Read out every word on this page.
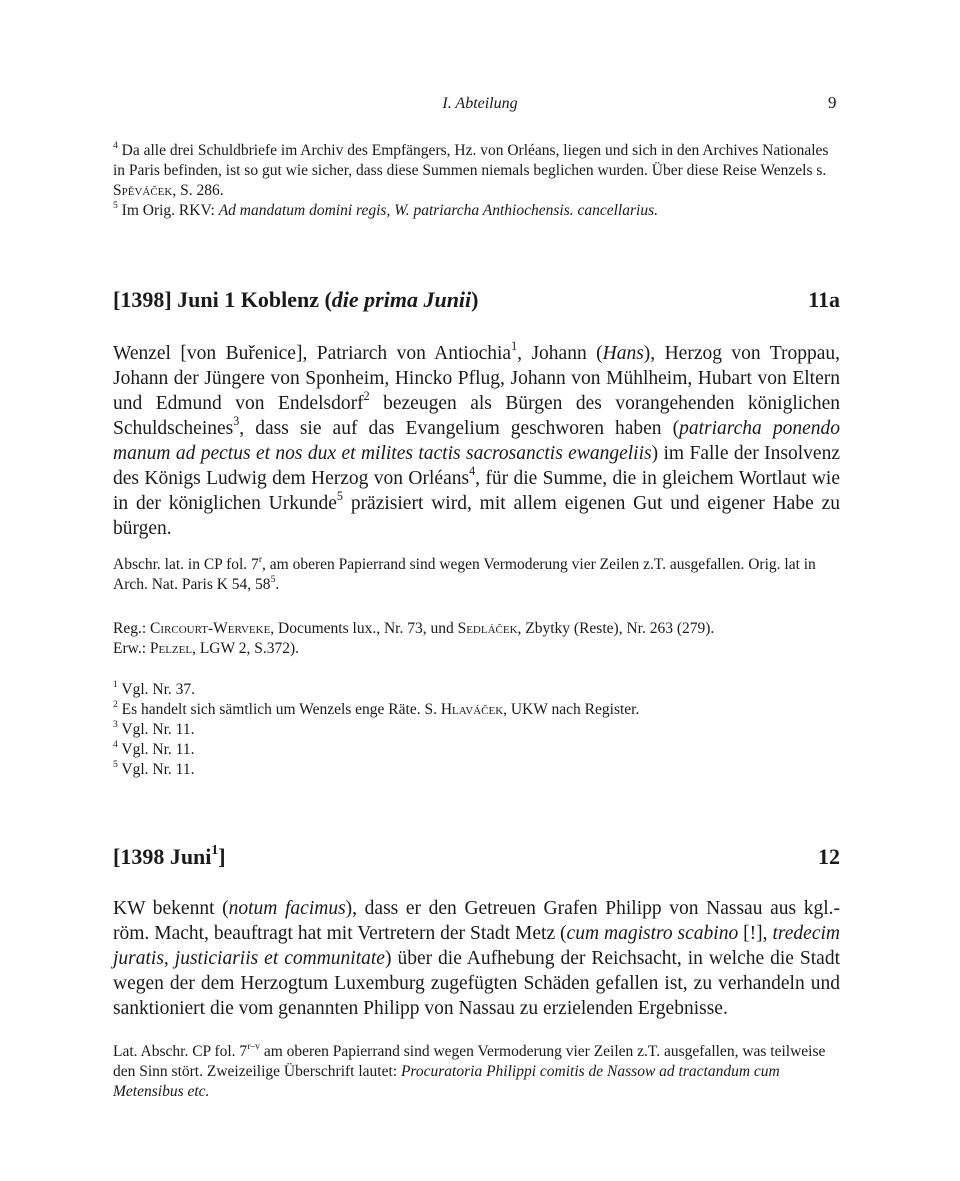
I. Abteilung	9

$^4$ Da alle drei Schuldbriefe im Archiv des Empfängers, Hz. von Orléans, liegen und sich in den Archives Nationales in Paris befinden, ist so gut wie sicher, dass diese Summen niemals beglichen wurden. Über diese Reise Wenzels s. Spěváček, S. 286.

$^5$ Im Orig. RKV: Ad mandatum domini regis, W. patriarcha Anthiochensis. cancellarius.

[1398] Juni 1 Koblenz (die prima Junii)	11a

Wenzel [von Buřenice], Patriarch von Antiochia$^1$, Johann (Hans), Herzog von Troppau, Johann der Jüngere von Sponheim, Hincko Pflug, Johann von Mühlheim, Hubart von Eltern und Edmund von Endelsdorf$^2$ bezeugen als Bürgen des vorangehenden königlichen Schuldscheines$^3$, dass sie auf das Evangelium geschworen haben (patriarcha ponendo manum ad pectus et nos dux et milites tactis sacrosanctis ewangeliis) im Falle der Insolvenz des Königs Ludwig dem Herzog von Orléans$^4$, für die Summe, die in gleichem Wortlaut wie in der königlichen Urkunde$^5$ präzisiert wird, mit allem eigenen Gut und eigener Habe zu bürgen.

Abschr. lat. in CP fol. 7$^r$, am oberen Papierrand sind wegen Vermoderung vier Zeilen z.T. ausgefallen. Orig. lat in Arch. Nat. Paris K 54, $58^5$.

Reg.: Circourt-Werveke, Documents lux., Nr. 73, und Sedláček, Zbytky (Reste), Nr. 263 (279).

Erw.: Pelzel, LGW 2, S.372).

$^1$ Vgl. Nr. 37.

$^2$ Es handelt sich sämtlich um Wenzels enge Räte. S. Hlaváček, UKW nach Register.

$^3$ Vgl. Nr. 11.

$^4$ Vgl. Nr. 11.

$^5$ Vgl. Nr. 11.

[1398 Juni$^1$]	12

KW bekennt (notum facimus), dass er den Getreuen Grafen Philipp von Nassau aus kgl.-röm. Macht, beauftragt hat mit Vertretern der Stadt Metz (cum magistro scabino [!], tredecim juratis, justiciariis et communitate) über die Aufhebung der Reichsacht, in welche die Stadt wegen der dem Herzogtum Luxemburg zugefügten Schäden gefallen ist, zu verhandeln und sanktioniert die vom genannten Philipp von Nassau zu erzielenden Ergebnisse.

Lat. Abschr. CP fol. 7$^{r-v}$ am oberen Papierrand sind wegen Vermoderung vier Zeilen z.T. ausgefallen, was teilweise den Sinn stört. Zweizeilige Überschrift lautet: Procuratoria Philippi comitis de Nassow ad tractandum cum Metensibus etc.
